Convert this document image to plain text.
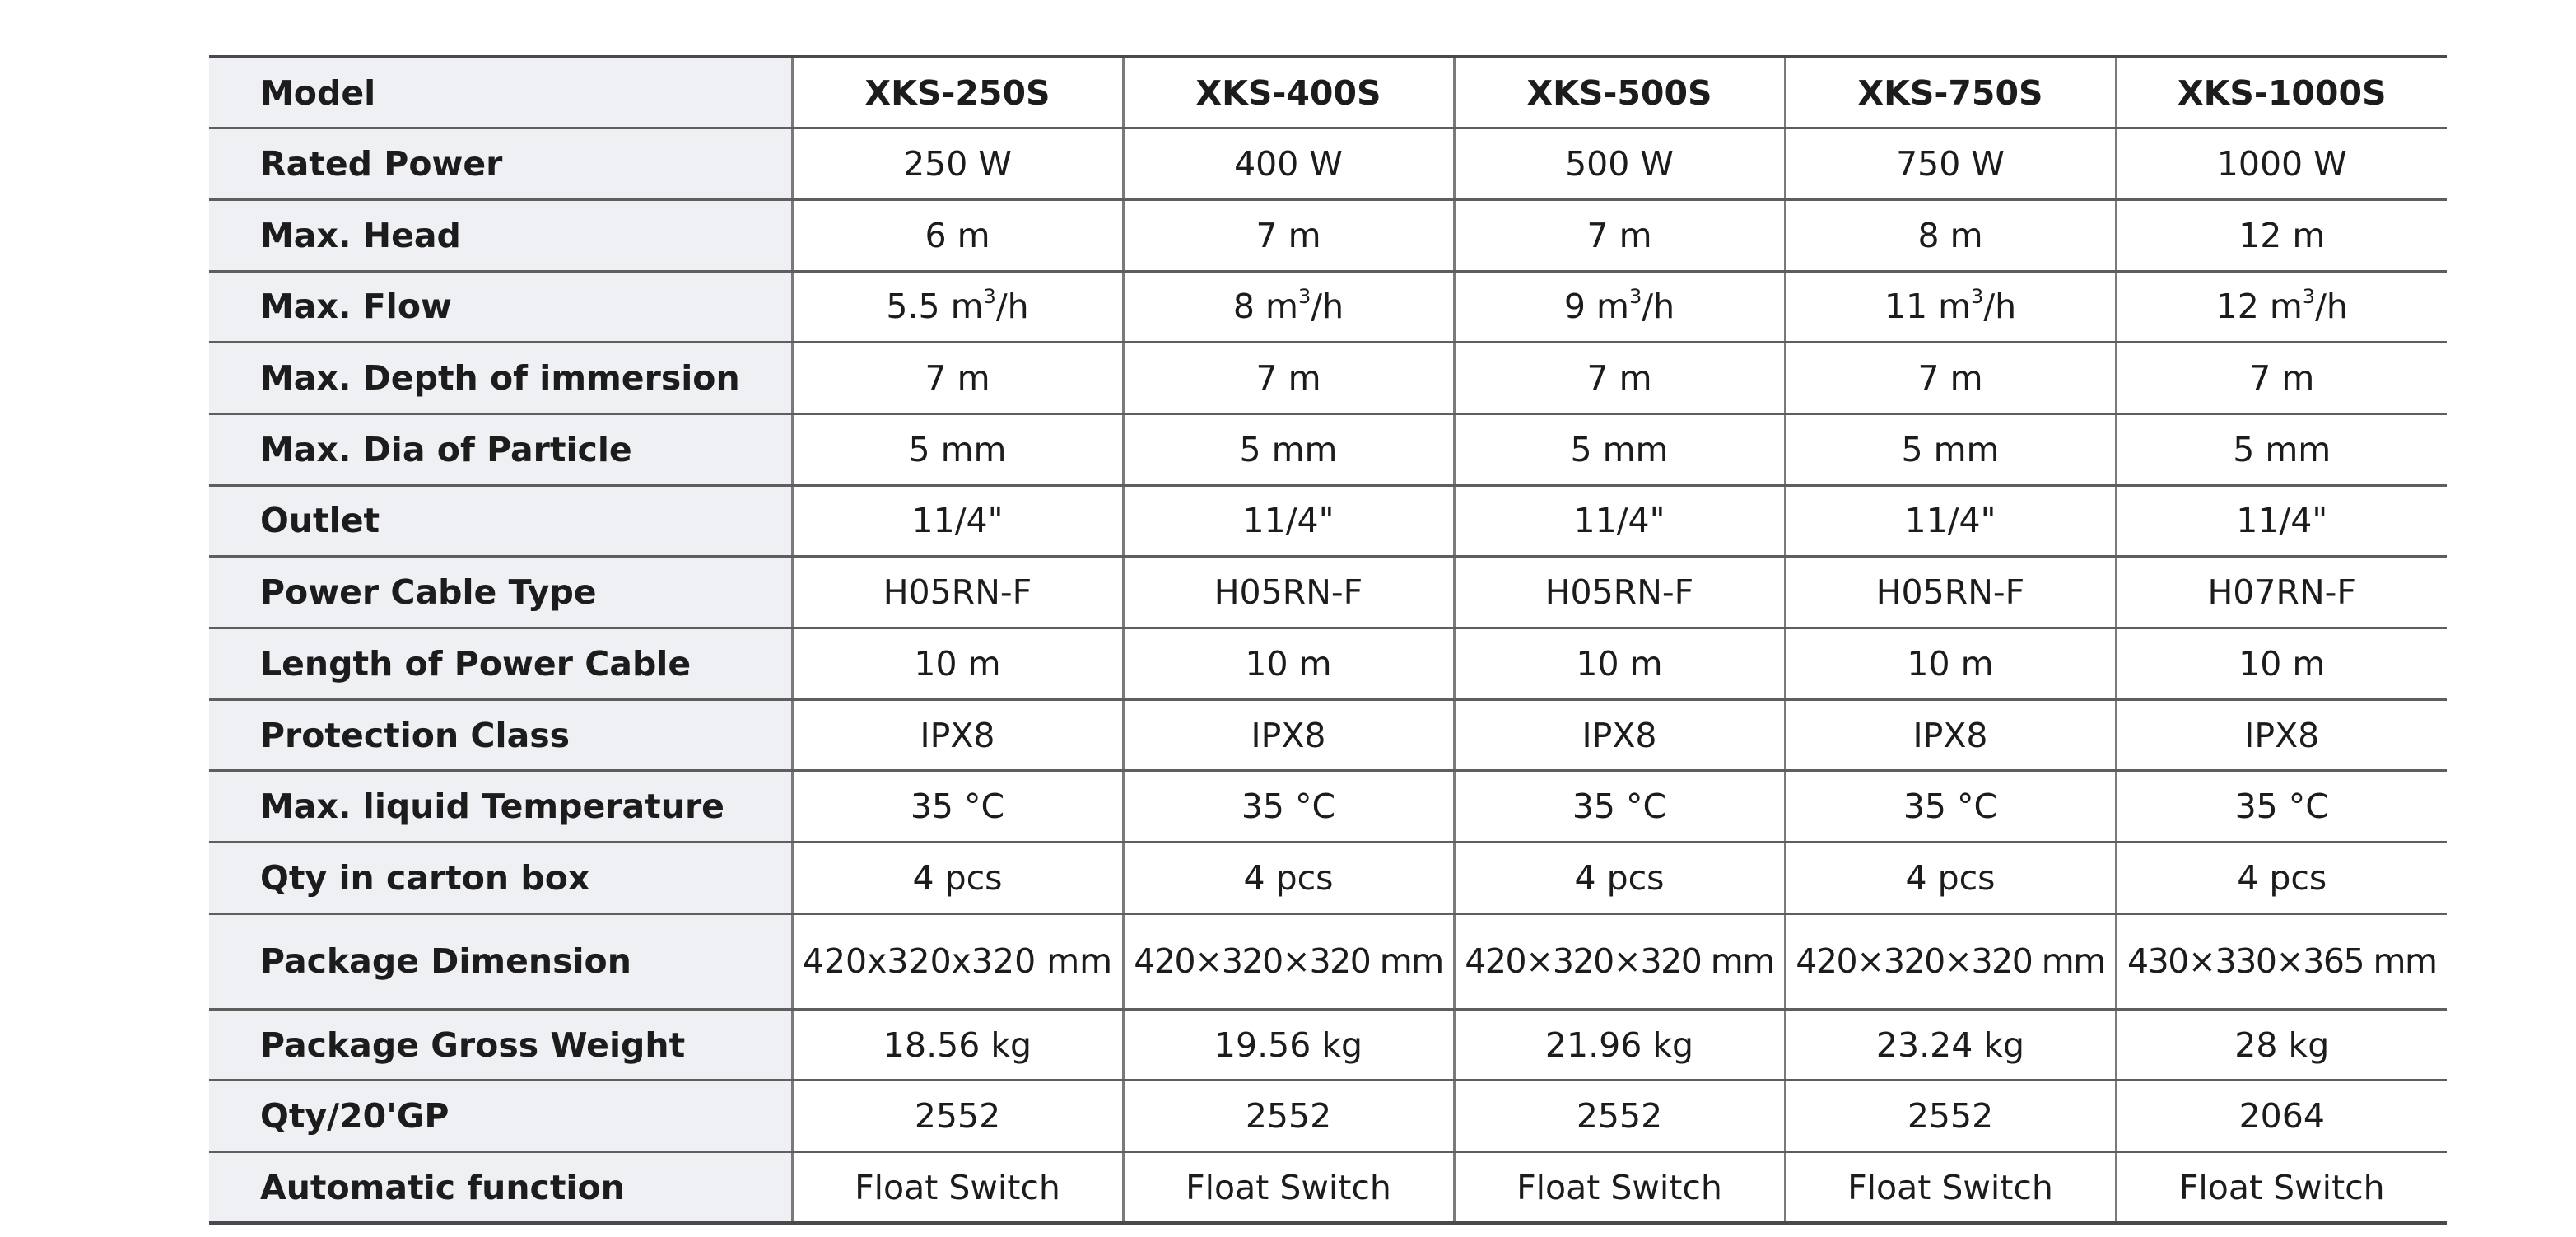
Model	XKS-250S	XKS-400S	XKS-500S	XKS-750S	XKS-1000S
Rated Power	250 W	400 W	500 W	750 W	1000 W
Max. Head	6 m	7 m	7 m	8 m	12 m
Max. Flow	5.5 $m^3/h$	8 $m^3/h$	9 $m^3/h$	11 $m^3/h$	12 $m^3/h$
Max. Depth of immersion	7 m	7 m	7 m	7 m	7 m
Max. Dia of Particle	5 mm	5 mm	5 mm	5 mm	5 mm
Outlet	11/4"	11/4"	11/4"	11/4"	11/4"
Power Cable Type	H05RN-F	H05RN-F	H05RN-F	H05RN-F	H07RN-F
Length of Power Cable	10 m	10 m	10 m	10 m	10 m
Protection Class	IPX8	IPX8	IPX8	IPX8	IPX8
Max. liquid Temperature	35 °C	35 °C	35 °C	35 °C	35 °C
Qty in carton box	4 pcs	4 pcs	4 pcs	4 pcs	4 pcs
Package Dimension	420x320x320 mm	420×320×320 mm	420×320×320 mm	420×320×320 mm	430×330×365 mm
Package Gross Weight	18.56 kg	19.56 kg	21.96 kg	23.24 kg	28 kg
Qty/20'GP	2552	2552	2552	2552	2064
Automatic function	Float Switch	Float Switch	Float Switch	Float Switch	Float Switch
